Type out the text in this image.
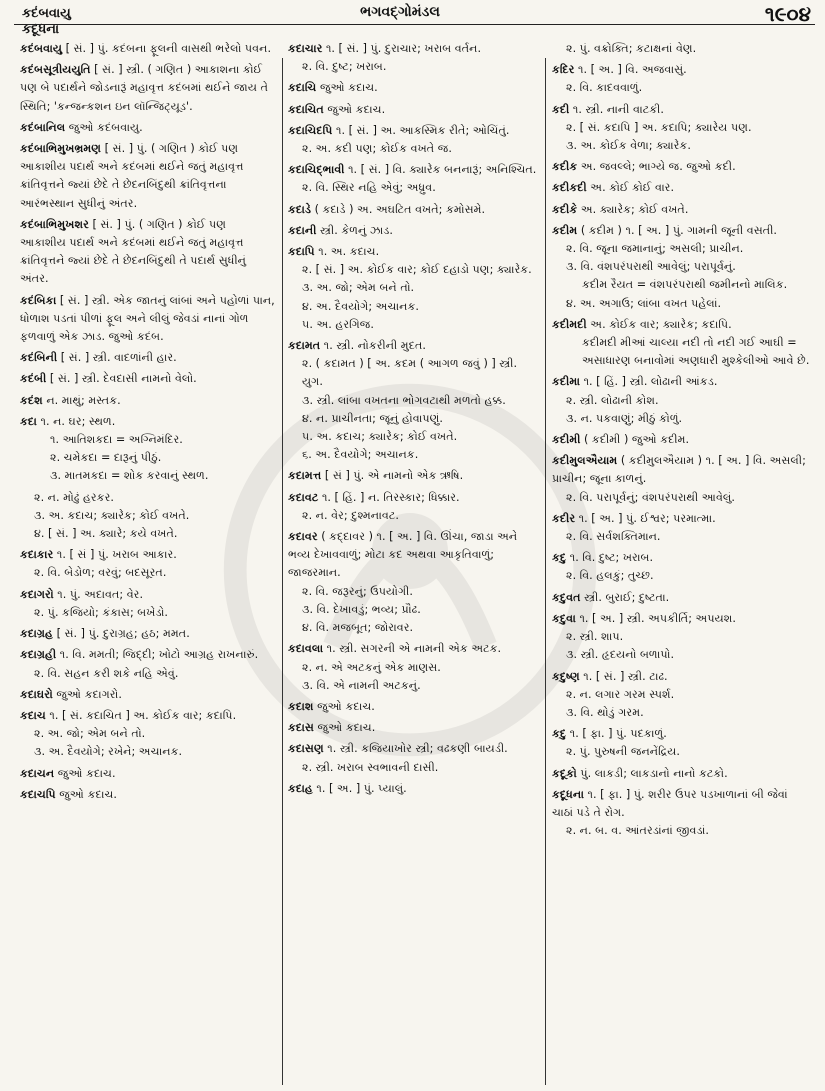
કદંબવાયુ
કદૂધના
ભગવદ્ગોમંડલ	૧૯૦૪

કદંબવાયુ [ સં. ] પું. કદંબના ફૂલની વાસથી ભરેલો પવન.

કદંબસૂત્રીયયુતિ [ સં. ] સ્ત્રી. ( ગણિત ) આકાશના કોઈ પણ બે પદાર્થને જોડનારૂં મહાવૃત્ત કદંબમાં થઈને જાય તે સ્થિતિ; 'કન્જન્કશન ઇન લૉન્જિટ્યૂડ'.

કદંબાનિલ જુઓ કદંબવાયુ.

કદંબાભિમુખભ્રમણ [ સં. ] પું. ( ગણિત ) કોઈ પણ આકાશીય પદાર્થ અને કદંબમાં થઈને જતું મહાવૃત્ત ક્રાંતિવૃત્તને જ્યાં છેદે તે છેદનબિંદુથી ક્રાંતિવૃત્તના આરંભસ્થાન સુધીનું અંતર.

કદંબાભિમુખશર [ સં. ] પું. ( ગણિત ) કોઈ પણ આકાશીય પદાર્થ અને કદંબમાં થઈને જતું મહાવૃત્ત ક્રાંતિવૃત્તને જ્યાં છેદે તે છેદનબિંદુથી તે પદાર્થ સુધીનું અંતર.

કદંબિકા [ સં. ] સ્ત્રી. એક જાતનું લાંબાં અને પહોળાં પાન, ધોળાશ પડતાં પીળાં ફૂલ અને લીલું જેવડાં નાનાં ગોળ ફળવાળું એક ઝાડ. જુઓ કદંબ.

કદંબિની [ સં. ] સ્ત્રી. વાદળાંની હાર.

કદંબી [ સં. ] સ્ત્રી. દેવદાસી નામનો વેલો.

કદંશ ન. માથું; મસ્તક.

કદા ૧. ન. ઘર; સ્થળ.

૧. આતિશકદા = અગ્નિમંદિર.

૨. ચમેકદા = દારૂનું પીઠું.

૩. માતમકદા = શોક કરવાનું સ્થળ.

૨. ન. મોઢું હરકર.

૩. અ. કદાચ; ક્યારેક; કોઈ વખતે.

૪. [ સં. ] અ. ક્યારે; કયે વખતે.

કદાકાર ૧. [ સં ] પું. ખરાબ આકાર.

૨. વિ. બેડોળ; વરવું; બદસૂરત.

કદાગરો ૧. પું. અદાવત; વેર.

૨. પું. કજિયો; કંકાસ; બખેડો.

કદાગ્રહ [ સં. ] પું. દુરાગ્રહ; હઠ; મમત.

કદાગ્રહી ૧. વિ. મમતી; જિદ્દી; ખોટો આગ્રહ રાખનારું.

૨. વિ. સહન કરી શકે નહિ એવું.

કદાઘરો જુઓ કદાગરો.

કદાચ ૧. [ સં. કદાચિત ] અ. કોઈક વાર; કદાપિ.

૨. અ. જો; એમ બને તો.

૩. અ. દૈવયોગે; રખેને; અચાનક.

કદાચન જુઓ કદાચ.

કદાચપિ જુઓ કદાચ.

કદાચાર ૧. [ સં. ] પું. દુરાચાર; ખરાબ વર્તન.

૨. વિ. દુષ્ટ; ખરાબ.

કદાચિ જુઓ કદાચ.

કદાચિત જુઓ કદાચ.

કદાચિદપિ ૧. [ સં. ] અ. આકસ્મિક રીતે; ઓચિંતું.

૨. અ. કદી પણ; કોઈક વખતે જ.

કદાચિદ્ભાવી ૧. [ સં. ] વિ. ક્યારેક બનનારૂં; અનિશ્ચિત.

૨. વિ. સ્થિર નહિ એવું; અધ્રુવ.

કદાડે ( કદાડે ) અ. અઘટિત વખતે; કમોસમે.

કદાની સ્ત્રી. કેળનું ઝાડ.

કદાપિ ૧. અ. કદાચ.

૨. [ સં. ] અ. કોઈક વાર; કોઈ દહાડો પણ; ક્યારેક.

૩. અ. જો; એમ બને તો.

૪. અ. દૈવયોગે; અચાનક.

૫. અ. હરગિજ.

કદામત ૧. સ્ત્રી. નોકરીની મુદત.

૨. ( કદામત ) [ અ. કદમ ( આગળ જવું ) ] સ્ત્રી. યુગ.

૩. સ્ત્રી. લાંબા વખતના ભોગવટાથી મળતો હક્ક.

૪. ન. પ્રાચીનતા; જૂનું હોવાપણું.

૫. અ. કદાચ; ક્યારેક; કોઈ વખતે.

૬. અ. દૈવયોગે; અચાનક.

કદામત્ત [ સં ] પું. એ નામનો એક ઋષિ.

કદાવટ ૧. [ હિં. ] ન. તિરસ્કાર; ધિક્કાર.

૨. ન. વેર; દુશ્મનાવટ.

કદાવર ( કદ્દાવર ) ૧. [ અ. ] વિ. ઊંચા, જાડા અને ભવ્ય દેખાવવાળું; મોટા કદ અથવા આકૃતિવાળું; જાજરમાન.

૨. વિ. જરૂરનું; ઉપયોગી.

૩. વિ. દેખાવડું; ભવ્ય; પ્રૌઢ.

૪. વિ. મજબૂત; જોરાવર.

કદાવલા ૧. સ્ત્રી. સગરની એ નામની એક અટક.

૨. ન. એ અટકનું એક માણસ.

૩. વિ. એ નામની અટકનું.

કદાશ જુઓ કદાચ.

કદાસ જુઓ કદાચ.

કદાસણ ૧. સ્ત્રી. કજિયાખોર સ્ત્રી; વઢકણી બાયડી.

૨. સ્ત્રી. ખરાબ સ્વભાવની દાસી.

કદાહ ૧. [ અ. ] પું. પ્યાલું.

૨. પું. વક્રોક્તિ; કટાક્ષનાં વેણ.

કદિર ૧. [ અ. ] વિ. અજવાસું.

૨. વિ. કાદવવાળું.

કદી ૧. સ્ત્રી. નાની વાટકી.

૨. [ સં. કદાપિ ] અ. કદાપિ; ક્યારેય પણ.

૩. અ. કોઈક વેળા; ક્યારેક.

કદીક અ. જવલ્લે; ભાગ્યે જ. જુઓ કદી.

કદીકદી અ. કોઈ કોઈ વાર.

કદીકે અ. ક્યારેક; કોઈ વખતે.

કદીમ ( કદીમ ) ૧. [ અ. ] પું. ગામની જૂની વસતી.

૨. વિ. જૂના જમાનાનું; અસલી; પ્રાચીન.

૩. વિ. વંશપરંપરાથી આવેલું; પરાપૂર્વનું.

કદીમ રૈયત = વંશપરંપરાથી જમીનનો માલિક.

૪. અ. અગાઉ; લાંબા વખત પહેલાં.

કદીમદી અ. કોઈક વાર; ક્યારેક; કદાપિ.

કદીમદી મીઆં ચાલ્યા નદી તો નદી ગઈ આઘી = અસાધારણ બનાવોમાં અણધારી મુશ્કેલીઓ આવે છે.

કદીમા ૧. [ હિં. ] સ્ત્રી. લોઢાની આંકડ.

૨. સ્ત્રી. લોઢાની કોશ.

૩. ન. પકવાણું; મીઠું કોળું.

કદીમી ( કદીમી ) જુઓ કદીમ.

કદીમુલઐયામ ( કદીમુલઐયામ ) ૧. [ અ. ] વિ. અસલી; પ્રાચીન; જૂના કાળનું.

૨. વિ. પરાપૂર્વનું; વંશપરંપરાથી આવેલું.

કદીર ૧. [ અ. ] પું. ઈશ્વર; પરમાત્મા.

૨. વિ. સર્વશક્તિમાન.

કદુ ૧. વિ. દુષ્ટ; ખરાબ.

૨. વિ. હલકું; તુચ્છ.

કદુવત સ્ત્રી. બુરાઈ; દુષ્ટતા.

કદુવા ૧. [ અ. ] સ્ત્રી. અપકીર્તિ; અપયશ.

૨. સ્ત્રી. શાપ.

૩. સ્ત્રી. હૃદયનો બળાપો.

કદુષ્ણ ૧. [ સં. ] સ્ત્રી. ટાઢ.

૨. ન. લગાર ગરમ સ્પર્શ.

૩. વિ. થોડું ગરમ.

કદુ ૧. [ ફા. ] પું. પદકાળું.

૨. પું. પુરુષની જનનેંદ્રિય.

કદૂકો પું. લાકડી; લાકડાનો નાનો કટકો.

કદૂધના ૧. [ ફા. ] પું. શરીર ઉપર પડખાળાનાં બી જેવાં ચાઠાં પડે તે રોગ.

૨. ન. બ. વ. આંતરડાંનાં જીવડાં.
